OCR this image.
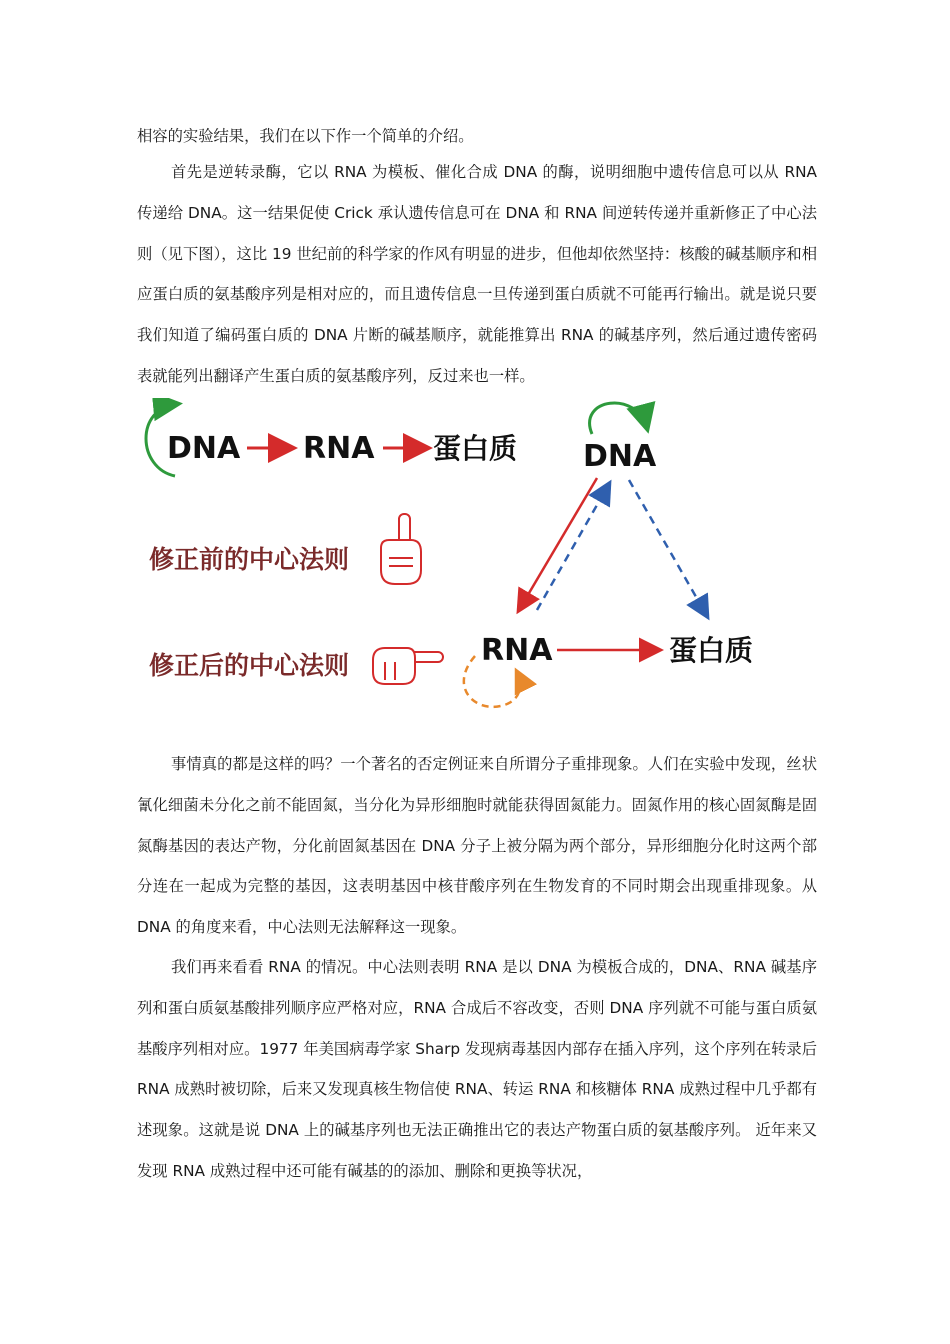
相容的实验结果，我们在以下作一个简单的介绍。

首先是逆转录酶，它以 RNA 为模板、催化合成 DNA 的酶，说明细胞中遗传信息可以从 RNA 传递给 DNA。这一结果促使 Crick 承认遗传信息可在 DNA 和 RNA 间逆转传递并重新修正了中心法则（见下图），这比 19 世纪前的科学家的作风有明显的进步，但他却依然坚持：核酸的碱基顺序和相应蛋白质的氨基酸序列是相对应的，而且遗传信息一旦传递到蛋白质就不可能再行输出。就是说只要我们知道了编码蛋白质的 DNA 片断的碱基顺序，就能推算出 RNA 的碱基序列，然后通过遗传密码表就能列出翻译产生蛋白质的氨基酸序列，反过来也一样。

DNA RNA 蛋白质
修正前的中心法则
修正后的中心法则
DNA
RNA	蛋白质

事情真的都是这样的吗？一个著名的否定例证来自所谓分子重排现象。人们在实验中发现，丝状氰化细菌未分化之前不能固氮，当分化为异形细胞时就能获得固氮能力。固氮作用的核心固氮酶是固氮酶基因的表达产物，分化前固氮基因在 DNA 分子上被分隔为两个部分，异形细胞分化时这两个部分连在一起成为完整的基因，这表明基因中核苷酸序列在生物发育的不同时期会出现重排现象。从 DNA 的角度来看，中心法则无法解释这一现象。

我们再来看看 RNA 的情况。中心法则表明 RNA 是以 DNA 为模板合成的，DNA、RNA 碱基序列和蛋白质氨基酸排列顺序应严格对应，RNA 合成后不容改变，否则 DNA 序列就不可能与蛋白质氨基酸序列相对应。1977 年美国病毒学家 Sharp 发现病毒基因内部存在插入序列，这个序列在转录后 RNA 成熟时被切除，后来又发现真核生物信使 RNA、转运 RNA 和核糖体 RNA 成熟过程中几乎都有述现象。这就是说 DNA 上的碱基序列也无法正确推出它的表达产物蛋白质的氨基酸序列。 近年来又发现 RNA 成熟过程中还可能有碱基的的添加、删除和更换等状况，
